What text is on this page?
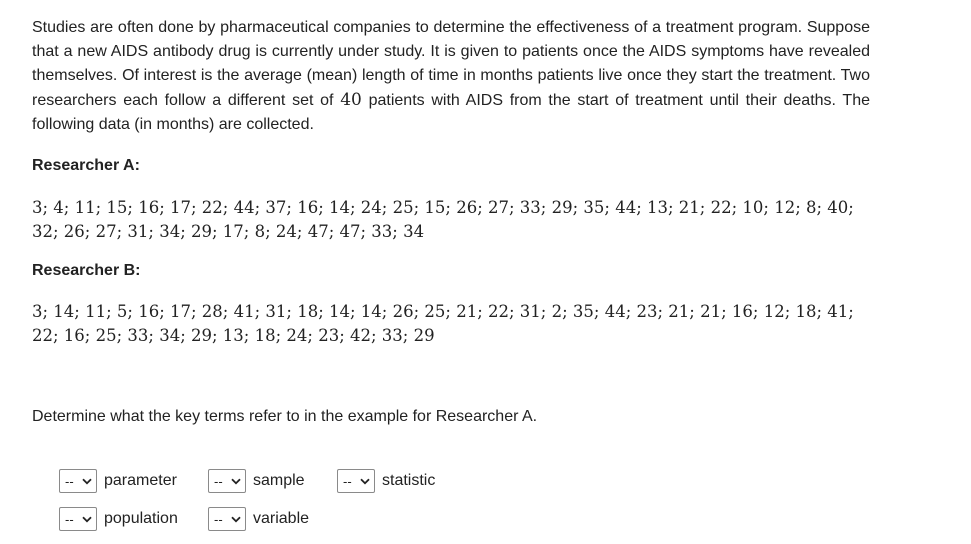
Studies are often done by pharmaceutical companies to determine the effectiveness of a treatment program. Suppose that a new AIDS antibody drug is currently under study. It is given to patients once the AIDS symptoms have revealed themselves. Of interest is the average (mean) length of time in months patients live once they start the treatment. Two researchers each follow a different set of 40 patients with AIDS from the start of treatment until their deaths. The following data (in months) are collected.

Researcher A:

3; 4; 11; 15; 16; 17; 22; 44; 37; 16; 14; 24; 25; 15; 26; 27; 33; 29; 35; 44; 13; 21; 22; 10; 12; 8; 40; 32; 26; 27; 31; 34; 29; 17; 8; 24; 47; 47; 33; 34

Researcher B:

3; 14; 11; 5; 16; 17; 28; 41; 31; 18; 14; 14; 26; 25; 21; 22; 31; 2; 35; 44; 23; 21; 21; 16; 12; 18; 41; 22; 16; 25; 33; 34; 29; 13; 18; 24; 23; 42; 33; 29

Determine what the key terms refer to in the example for Researcher A.

-- parameter	-- sample	-- statistic
-- population	-- variable
